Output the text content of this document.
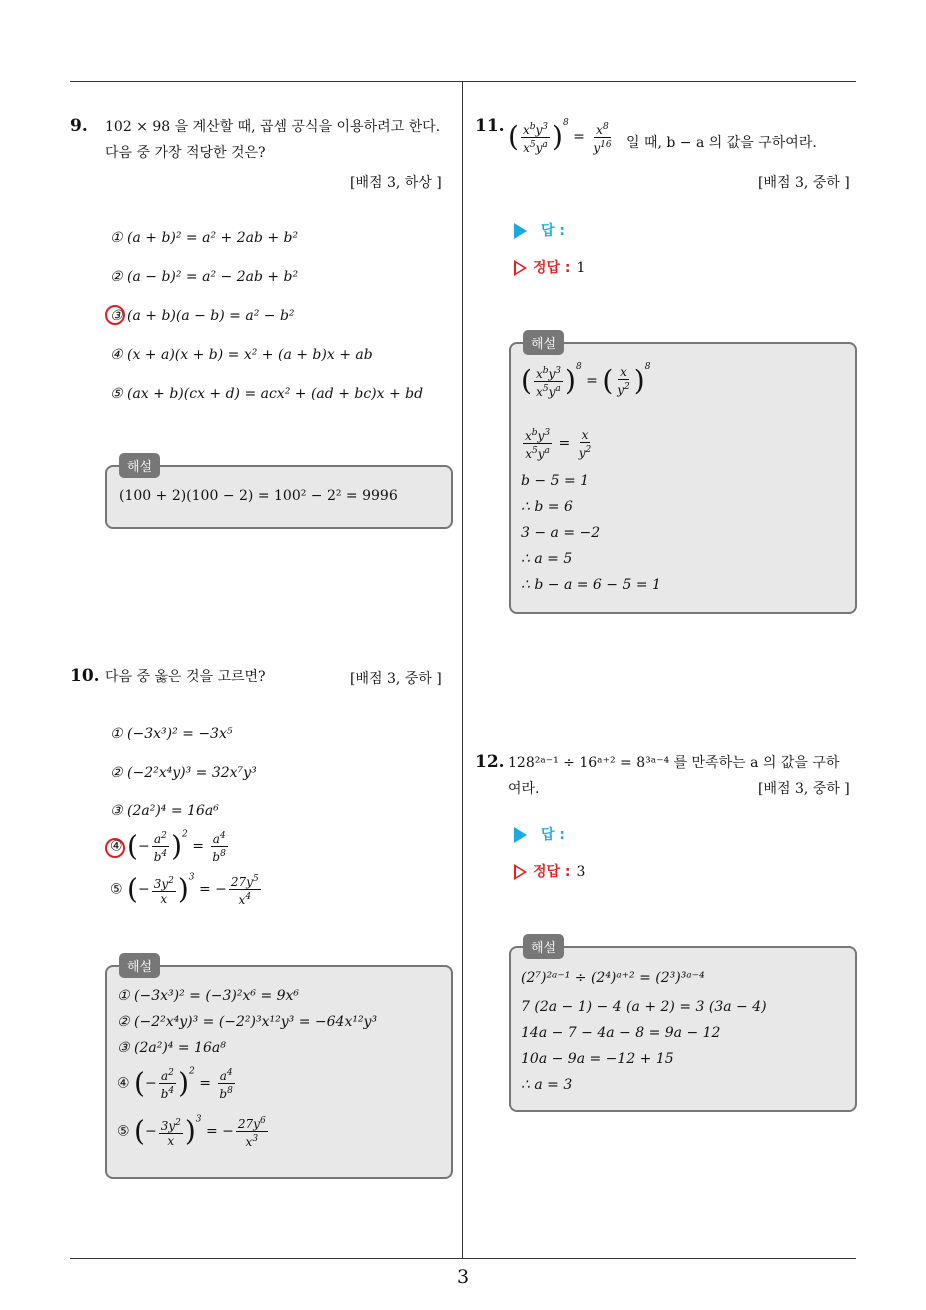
9. 102 × 98 을 계산할 때, 곱셈 공식을 이용하려고 한다.
다음 중 가장 적당한 것은?
[배점 3, 하상 ]
① (a + b)² = a² + 2ab + b²
② (a − b)² = a² − 2ab + b²
③ (a + b)(a − b) = a² − b²
④ (x + a)(x + b) = x² + (a + b)x + ab
⑤ (ax + b)(cx + d) = acx² + (ad + bc)x + bd
해설
(100 + 2)(100 − 2) = 100² − 2² = 9996
10. 다음 중 옳은 것을 고르면?	[배점 3, 중하 ]
① (−3x³)² = −3x⁵
② (−2²x⁴y)³ = 32x⁷y³
③ (2a²)⁴ = 16a⁶
④ (− $\frac{a^2}{b^4} )^2 = \frac{a^4}{b^8}$
⑤ (− $\frac{3y^2}{x} )^3$ = − $\frac{27y^5}{x^4}$
해설
① (−3x³)² = (−3)²x⁶ = 9x⁶
② (−2²x⁴y)³ = (−2²)³x¹²y³ = −64x¹²y³
③ (2a²)⁴ = 16a⁸
④ (− $\frac{a^2}{b^4} )^2 = \frac{a^4}{b^8}$
⑤ (− $\frac{3y^2}{x} )^3$ = − $\frac{27y^6}{x^3}$
11. ( $\frac{x^by^3}{x^5y^a} )^8 = \frac{x^8}{y^{16}}$ 일 때, b − a 의 값을 구하여라.
[배점 3, 중하 ]
답 :
정답 : 1
해설
( $\frac{x^by^3}{x^5y^a} )^8$ = ( $\frac{x}{y^2} )^8$
$\frac{x^by^3}{x^5y^a} = \frac{x}{y^2}$
b − 5 = 1
∴ b = 6
3 − a = −2
∴ a = 5
∴ b − a = 6 − 5 = 1
12. 128²ᵃ⁻¹ ÷ 16ᵃ⁺² = 8³ᵃ⁻⁴ 를 만족하는 a 의 값을 구하
여라.	[배점 3, 중하 ]
답 :
정답 : 3
해설
(2⁷)²ᵃ⁻¹ ÷ (2⁴)ᵃ⁺² = (2³)³ᵃ⁻⁴
7 (2a − 1) − 4 (a + 2) = 3 (3a − 4)
14a − 7 − 4a − 8 = 9a − 12
10a − 9a = −12 + 15
∴ a = 3
3
